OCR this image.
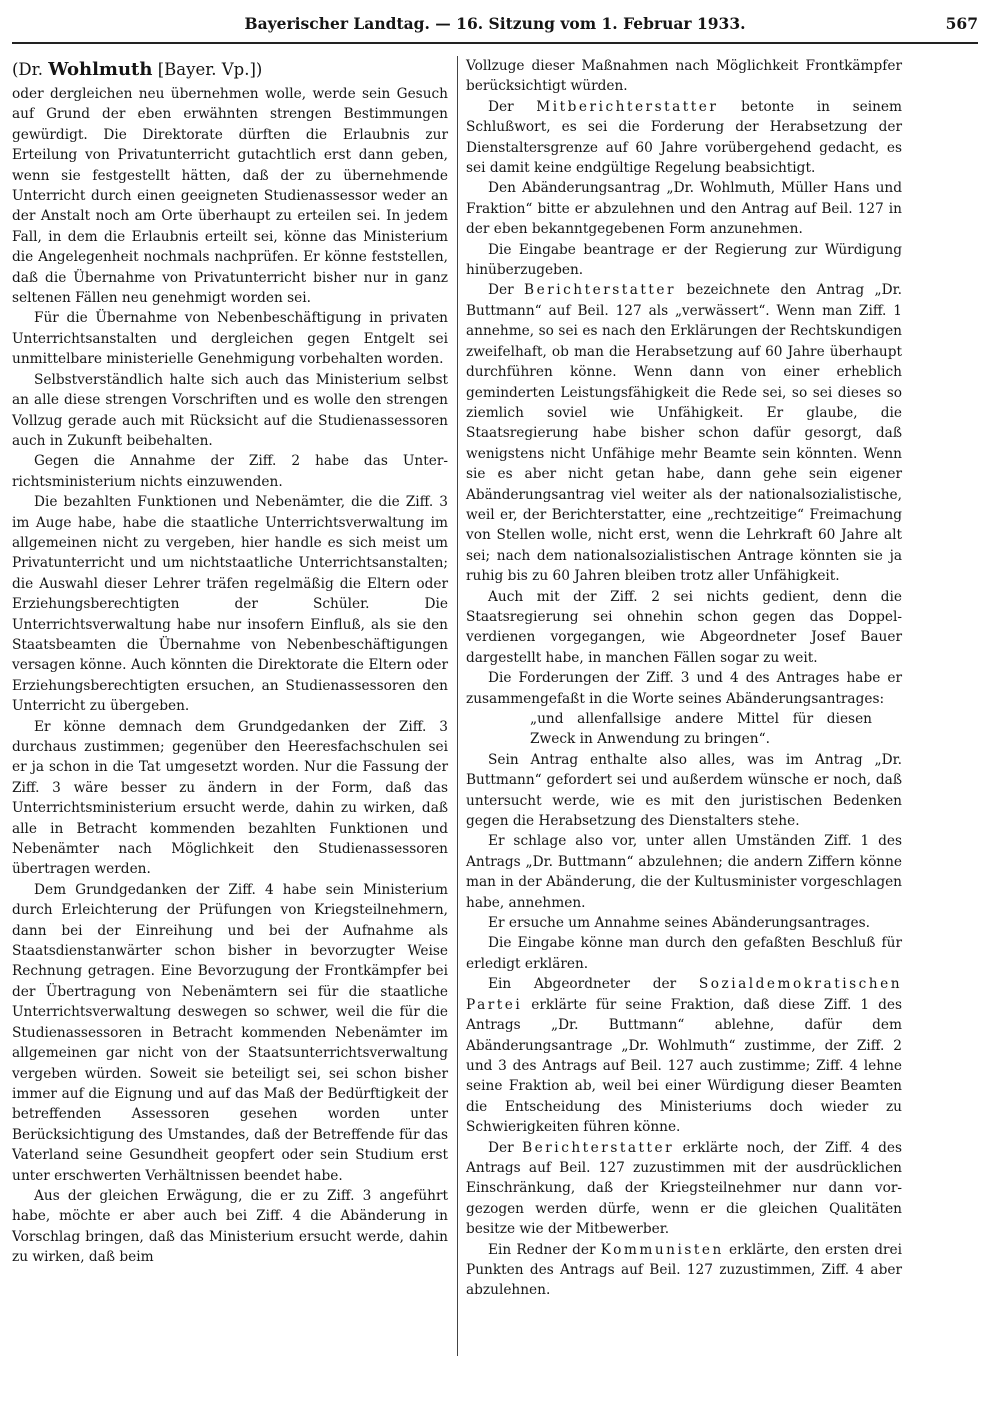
Bayerischer Landtag. — 16. Sitzung vom 1. Februar 1933.	567

(Dr. Wohlmuth [Bayer. Vp.])

oder dergleichen neu übernehmen wolle, werde sein Gesuch auf Grund der eben erwähnten strengen Bestimmungen gewürdigt. Die Direktorate dürften die Erlaubnis zur Erteilung von Privatunterricht gutachtlich erst dann geben, wenn sie festgestellt hätten, daß der zu übernehmende Unterricht durch einen geeigneten Studienassessor weder an der Anstalt noch am Orte überhaupt zu erteilen sei. In jedem Fall, in dem die Erlaubnis erteilt sei, könne das Ministerium die Angelegenheit nochmals nachprüfen. Er könne feststellen, daß die Übernahme von Privatunterricht bisher nur in ganz seltenen Fällen neu genehmigt worden sei.

Für die Übernahme von Nebenbeschäftigung in privaten Unterrichtsanstalten und dergleichen gegen Entgelt sei unmittelbare ministerielle Genehmigung vorbehalten worden.

Selbstverständlich halte sich auch das Ministerium selbst an alle diese strengen Vorschriften und es wolle den strengen Vollzug gerade auch mit Rücksicht auf die Studienassessoren auch in Zukunft beibehalten.

Gegen die Annahme der Ziff. 2 habe das Unterrichtsministerium nichts einzuwenden.

Die bezahlten Funktionen und Nebenämter, die die Ziff. 3 im Auge habe, habe die staatliche Unterrichtsverwaltung im allgemeinen nicht zu vergeben, hier handle es sich meist um Privatunterricht und um nichtstaatliche Unterrichtsanstalten; die Auswahl dieser Lehrer träfen regelmäßig die Eltern oder Erziehungsberechtigten der Schüler. Die Unterrichtsverwaltung habe nur insofern Einfluß, als sie den Staatsbeamten die Übernahme von Nebenbeschäftigungen versagen könne. Auch könnten die Direktorate die Eltern oder Erziehungsberechtigten ersuchen, an Studienassessoren den Unterricht zu übergeben.

Er könne demnach dem Grundgedanken der Ziff. 3 durchaus zustimmen; gegenüber den Heeresfachschulen sei er ja schon in die Tat umgesetzt worden. Nur die Fassung der Ziff. 3 wäre besser zu ändern in der Form, daß das Unterrichtsministerium ersucht werde, dahin zu wirken, daß alle in Betracht kommenden bezahlten Funktionen und Nebenämter nach Möglichkeit den Studienassessoren übertragen werden.

Dem Grundgedanken der Ziff. 4 habe sein Ministerium durch Erleichterung der Prüfungen von Kriegsteilnehmern, dann bei der Einreihung und bei der Aufnahme als Staatsdienstanwärter schon bisher in bevorzugter Weise Rechnung getragen. Eine Bevorzugung der Frontkämpfer bei der Übertragung von Nebenämtern sei für die staatliche Unterrichtsverwaltung deswegen so schwer, weil die für die Studienassessoren in Betracht kommenden Nebenämter im allgemeinen gar nicht von der Staatsunterrichtsverwaltung vergeben würden. Soweit sie beteiligt sei, sei schon bisher immer auf die Eignung und auf das Maß der Bedürftigkeit der betreffenden Assessoren gesehen worden unter Berücksichtigung des Umstandes, daß der Betreffende für das Vaterland seine Gesundheit geopfert oder sein Studium erst unter erschwerten Verhältnissen beendet habe.

Aus der gleichen Erwägung, die er zu Ziff. 3 angeführt habe, möchte er aber auch bei Ziff. 4 die Abänderung in Vorschlag bringen, daß das Ministerium ersucht werde, dahin zu wirken, daß beim

Vollzuge dieser Maßnahmen nach Möglichkeit Frontkämpfer berücksichtigt würden.

Der Mitberichterstatter betonte in seinem Schlußwort, es sei die Forderung der Herabsetzung der Dienstaltersgrenze auf 60 Jahre vorübergehend gedacht, es sei damit keine endgültige Regelung beabsichtigt.

Den Abänderungsantrag „Dr. Wohlmuth, Müller Hans und Fraktion“ bitte er abzulehnen und den Antrag auf Beil. 127 in der eben bekanntgegebenen Form anzunehmen.

Die Eingabe beantrage er der Regierung zur Würdigung hinüberzugeben.

Der Berichterstatter bezeichnete den Antrag „Dr. Buttmann“ auf Beil. 127 als „verwässert“. Wenn man Ziff. 1 annehme, so sei es nach den Erklärungen der Rechtskundigen zweifelhaft, ob man die Herabsetzung auf 60 Jahre überhaupt durchführen könne. Wenn dann von einer erheblich geminderten Leistungsfähigkeit die Rede sei, so sei dieses so ziemlich soviel wie Unfähigkeit. Er glaube, die Staatsregierung habe bisher schon dafür gesorgt, daß wenigstens nicht Unfähige mehr Beamte sein könnten. Wenn sie es aber nicht getan habe, dann gehe sein eigener Abänderungsantrag viel weiter als der nationalsozialistische, weil er, der Berichterstatter, eine „rechtzeitige“ Freimachung von Stellen wolle, nicht erst, wenn die Lehrkraft 60 Jahre alt sei; nach dem nationalsozialistischen Antrage könnten sie ja ruhig bis zu 60 Jahren bleiben trotz aller Unfähigkeit.

Auch mit der Ziff. 2 sei nichts gedient, denn die Staatsregierung sei ohnehin schon gegen das Doppelverdienen vorgegangen, wie Abgeordneter Josef Bauer dargestellt habe, in manchen Fällen sogar zu weit.

Die Forderungen der Ziff. 3 und 4 des Antrages habe er zusammengefaßt in die Worte seines Abänderungsantrages:

„und allenfallsige andere Mittel für diesen Zweck in Anwendung zu bringen“.

Sein Antrag enthalte also alles, was im Antrag „Dr. Buttmann“ gefordert sei und außerdem wünsche er noch, daß untersucht werde, wie es mit den juristischen Bedenken gegen die Herabsetzung des Dienstalters stehe.

Er schlage also vor, unter allen Umständen Ziff. 1 des Antrags „Dr. Buttmann“ abzulehnen; die andern Ziffern könne man in der Abänderung, die der Kultusminister vorgeschlagen habe, annehmen.

Er ersuche um Annahme seines Abänderungsantrages.

Die Eingabe könne man durch den gefaßten Beschluß für erledigt erklären.

Ein Abgeordneter der Sozialdemokratischen Partei erklärte für seine Fraktion, daß diese Ziff. 1 des Antrags „Dr. Buttmann“ ablehne, dafür dem Abänderungsantrage „Dr. Wohlmuth“ zustimme, der Ziff. 2 und 3 des Antrags auf Beil. 127 auch zustimme; Ziff. 4 lehne seine Fraktion ab, weil bei einer Würdigung dieser Beamten die Entscheidung des Ministeriums doch wieder zu Schwierigkeiten führen könne.

Der Berichterstatter erklärte noch, der Ziff. 4 des Antrags auf Beil. 127 zuzustimmen mit der ausdrücklichen Einschränkung, daß der Kriegsteilnehmer nur dann vorgezogen werden dürfe, wenn er die gleichen Qualitäten besitze wie der Mitbewerber.

Ein Redner der Kommunisten erklärte, den ersten drei Punkten des Antrags auf Beil. 127 zuzustimmen, Ziff. 4 aber abzulehnen.
